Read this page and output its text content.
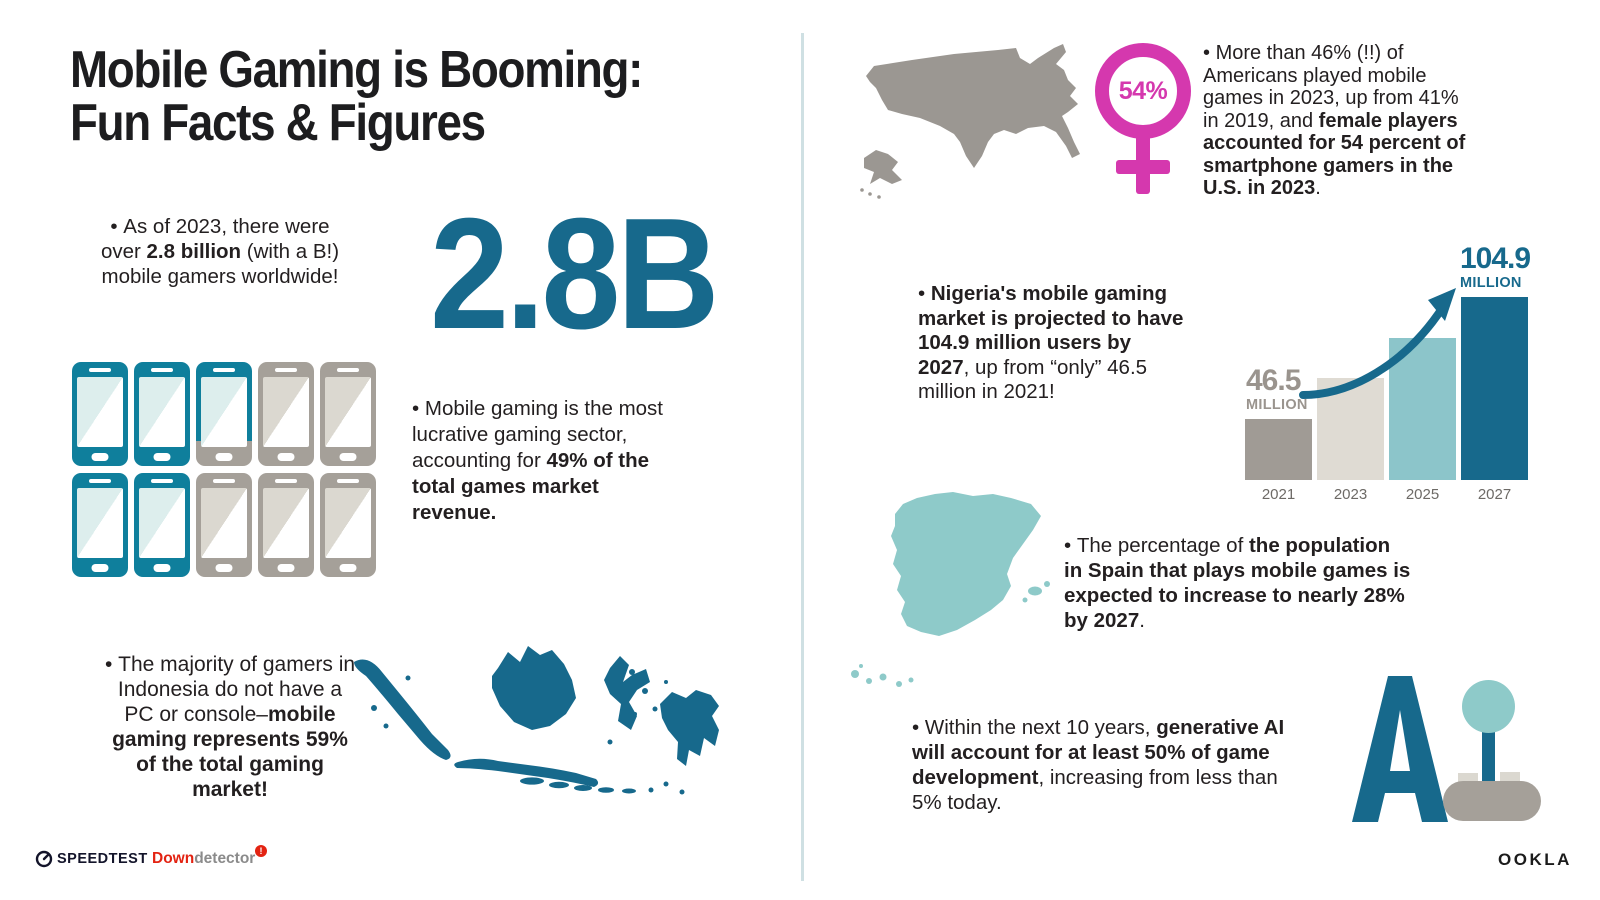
Mobile Gaming is Booming:
Fun Facts & Figures
• As of 2023, there were over 2.8 billion (with a B!) mobile gamers worldwide! 2.8B
• Mobile gaming is the most lucrative gaming sector, accounting for 49% of the total games market revenue.
• The majority of gamers in Indonesia do not have a PC or console–mobile gaming represents 59% of the total gaming market!
SPEEDTEST Downdetector !
54%
• More than 46% (!!) of Americans played mobile games in 2023, up from 41% in 2019, and female players accounted for 54 percent of smartphone gamers in the U.S. in 2023.
• Nigeria's mobile gaming market is projected to have 104.9 million users by 2027, up from “only” 46.5 million in 2021!	46.5
MILLION
104.9
MILLION
2021	2023	2025	2027
• The percentage of the population in Spain that plays mobile games is expected to increase to nearly 28% by 2027.
• Within the next 10 years, generative AI will account for at least 50% of game development, increasing from less than 5% today.
OOKLA
